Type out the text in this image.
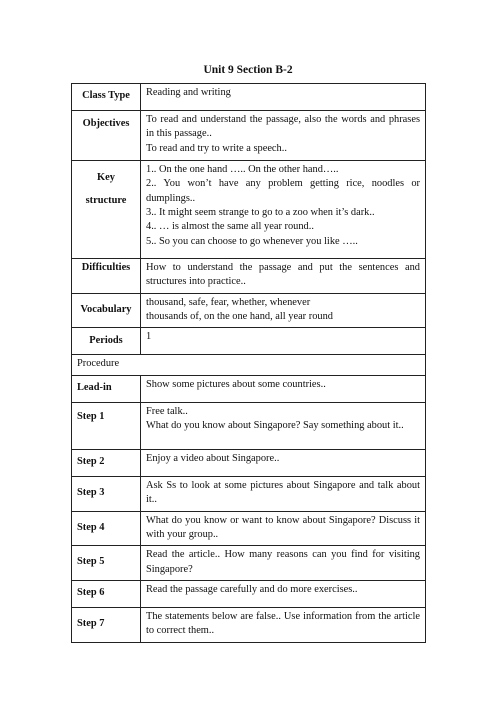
Unit 9 Section B-2
Class Type	Reading and writing
Objectives	To read and understand the passage, also the words and phrases in this passage..
To read and try to write a speech..

Key
structure	1.. On the one hand ….. On the other hand…..
2.. You won’t have any problem getting rice, noodles or dumplings..
3.. It might seem strange to go to a zoo when it’s dark..
4.. … is almost the same all year round..
5.. So you can choose to go whenever you like …..

Difficulties	How to understand the passage and put the sentences and structures into practice..
Vocabulary	thousand, safe, fear, whether, whenever
thousands of, on the one hand, all year round

Periods	1
Procedure	
Lead-in	Show some pictures about some countries..
Step 1	Free talk..
What do you know about Singapore? Say something about it..

Step 2	Enjoy a video about Singapore..
Step 3	Ask Ss to look at some pictures about Singapore and talk about it..
Step 4	What do you know or want to know about Singapore? Discuss it with your group..
Step 5	Read the article.. How many reasons can you find for visiting Singapore?
Step 6	Read the passage carefully and do more exercises..
Step 7	The statements below are false.. Use information from the article to correct them..
